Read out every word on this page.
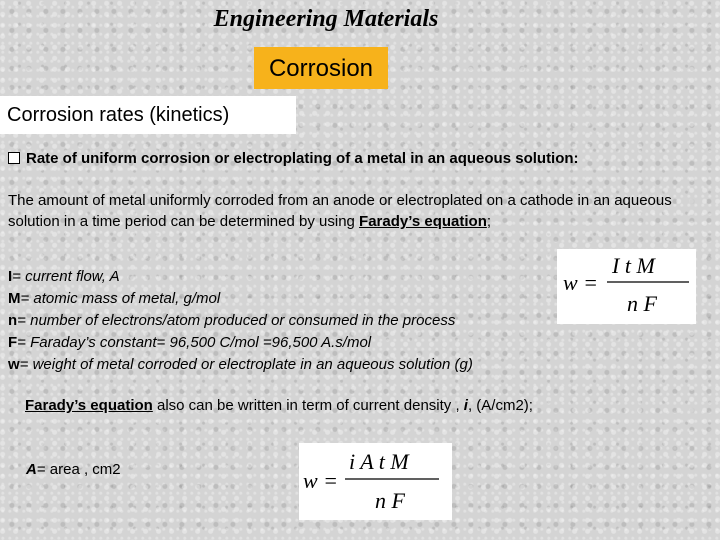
Engineering Materials
Corrosion
Corrosion rates (kinetics)
Rate of uniform corrosion or electroplating of a metal in an aqueous solution:
The amount of metal uniformly corroded from an anode or electroplated on a cathode in an aqueous solution in a time period can be determined by using Farady’s equation;
I= current flow, A
M= atomic mass of metal, g/mol
n= number of electrons/atom produced or consumed in the process
F= Faraday’s constant= 96,500 C/mol =96,500 A.s/mol
w= weight of metal corroded or electroplate in an aqueous solution (g)
w =
I t M
n F
Farady’s equation also can be written in term of current density , i, (A/cm2);
A= area , cm2	w =
i A t M
n F
